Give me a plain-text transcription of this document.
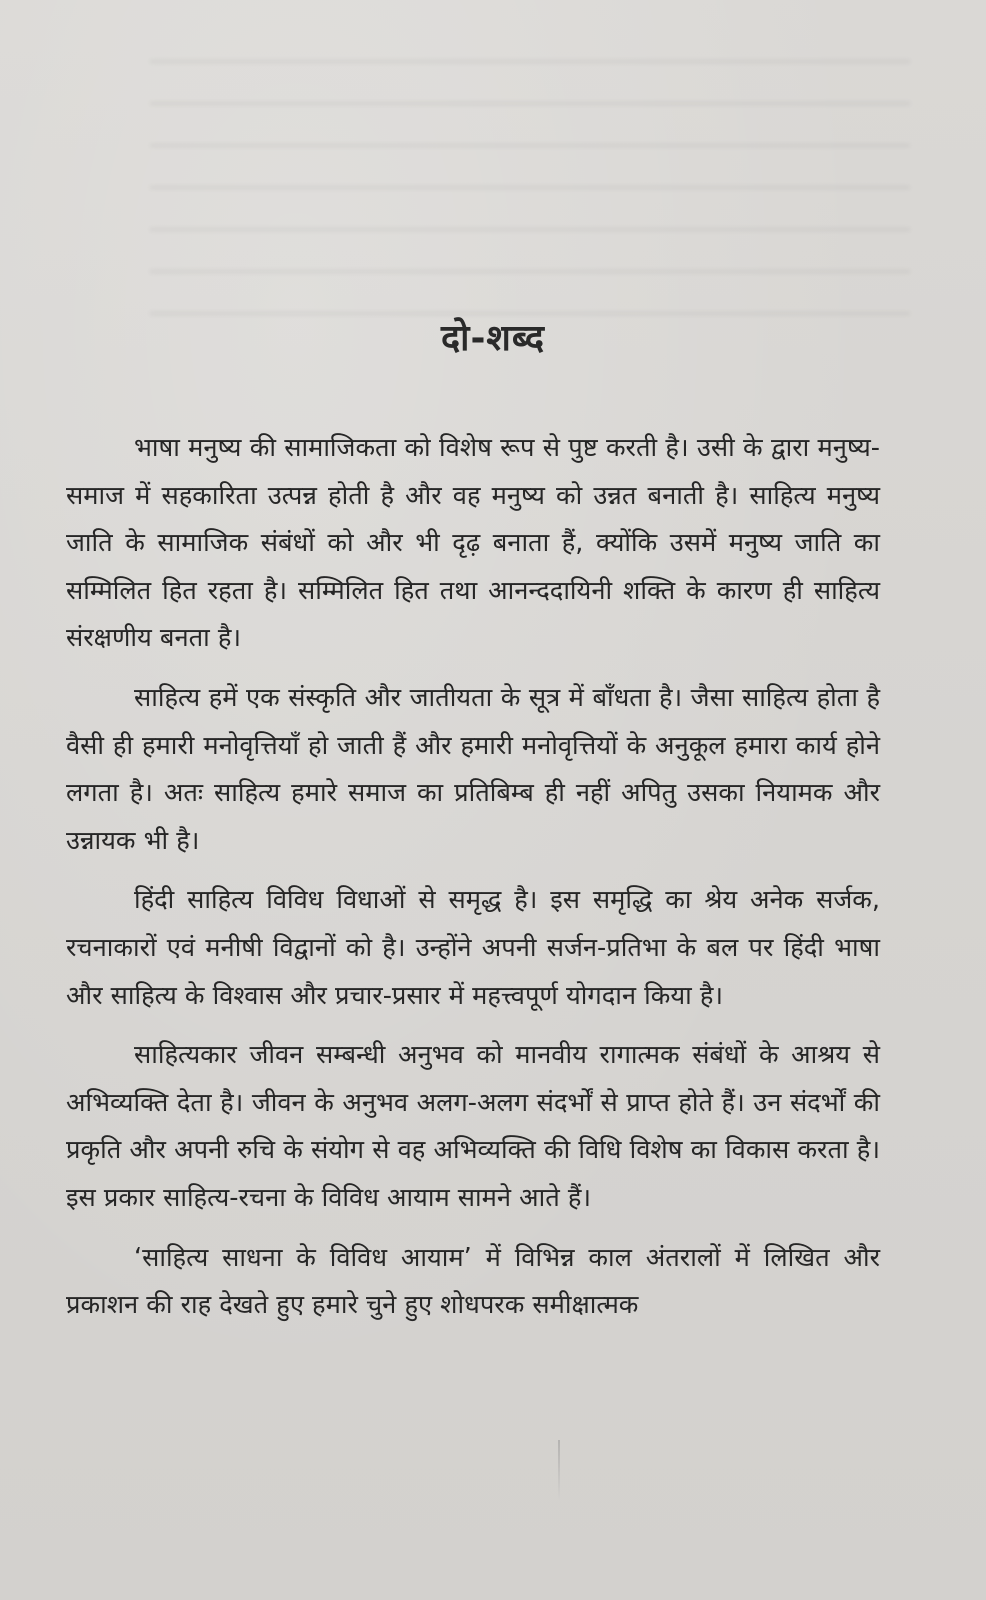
दो-शब्द

भाषा मनुष्य की सामाजिकता को विशेष रूप से पुष्ट करती है। उसी के द्वारा मनुष्य-समाज में सहकारिता उत्पन्न होती है और वह मनुष्य को उन्नत बनाती है। साहित्य मनुष्य जाति के सामाजिक संबंधों को और भी दृढ़ बनाता हैं, क्योंकि उसमें मनुष्य जाति का सम्मिलित हित रहता है। सम्मिलित हित तथा आनन्ददायिनी शक्ति के कारण ही साहित्य संरक्षणीय बनता है।

साहित्य हमें एक संस्कृति और जातीयता के सूत्र में बाँधता है। जैसा साहित्य होता है वैसी ही हमारी मनोवृत्तियाँ हो जाती हैं और हमारी मनोवृत्तियों के अनुकूल हमारा कार्य होने लगता है। अतः साहित्य हमारे समाज का प्रतिबिम्ब ही नहीं अपितु उसका नियामक और उन्नायक भी है।

हिंदी साहित्य विविध विधाओं से समृद्ध है। इस समृद्धि का श्रेय अनेक सर्जक, रचनाकारों एवं मनीषी विद्वानों को है। उन्होंने अपनी सर्जन-प्रतिभा के बल पर हिंदी भाषा और साहित्य के विश्वास और प्रचार-प्रसार में महत्त्वपूर्ण योगदान किया है।

साहित्यकार जीवन सम्बन्धी अनुभव को मानवीय रागात्मक संबंधों के आश्रय से अभिव्यक्ति देता है। जीवन के अनुभव अलग-अलग संदर्भों से प्राप्त होते हैं। उन संदर्भों की प्रकृति और अपनी रुचि के संयोग से वह अभिव्यक्ति की विधि विशेष का विकास करता है। इस प्रकार साहित्य-रचना के विविध आयाम सामने आते हैं।

‘साहित्य साधना के विविध आयाम’ में विभिन्न काल अंतरालों में लिखित और प्रकाशन की राह देखते हुए हमारे चुने हुए शोधपरक समीक्षात्मक
